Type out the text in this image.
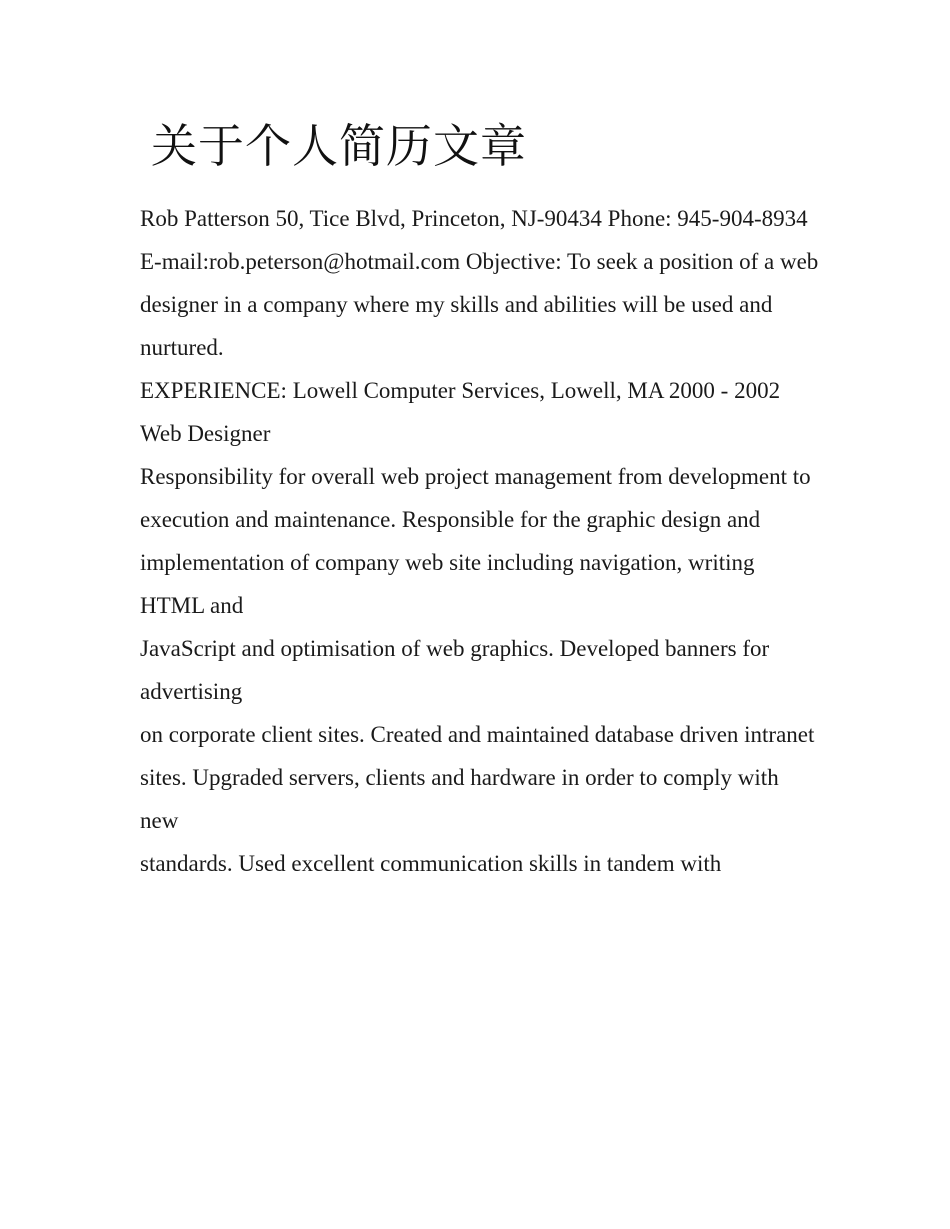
关于个人简历文章

Rob Patterson 50, Tice Blvd, Princeton, NJ-90434 Phone: 945-904-8934

E-mail:rob.peterson@hotmail.com Objective: To seek a position of a web

designer in a company where my skills and abilities will be used and nurtured.

EXPERIENCE: Lowell Computer Services, Lowell, MA 2000 - 2002 Web Designer

Responsibility for overall web project management from development to

execution and maintenance. Responsible for the graphic design and

implementation of company web site including navigation, writing HTML and

JavaScript and optimisation of web graphics. Developed banners for advertising

on corporate client sites. Created and maintained database driven intranet

sites. Upgraded servers, clients and hardware in order to comply with new

standards. Used excellent communication skills in tandem with
